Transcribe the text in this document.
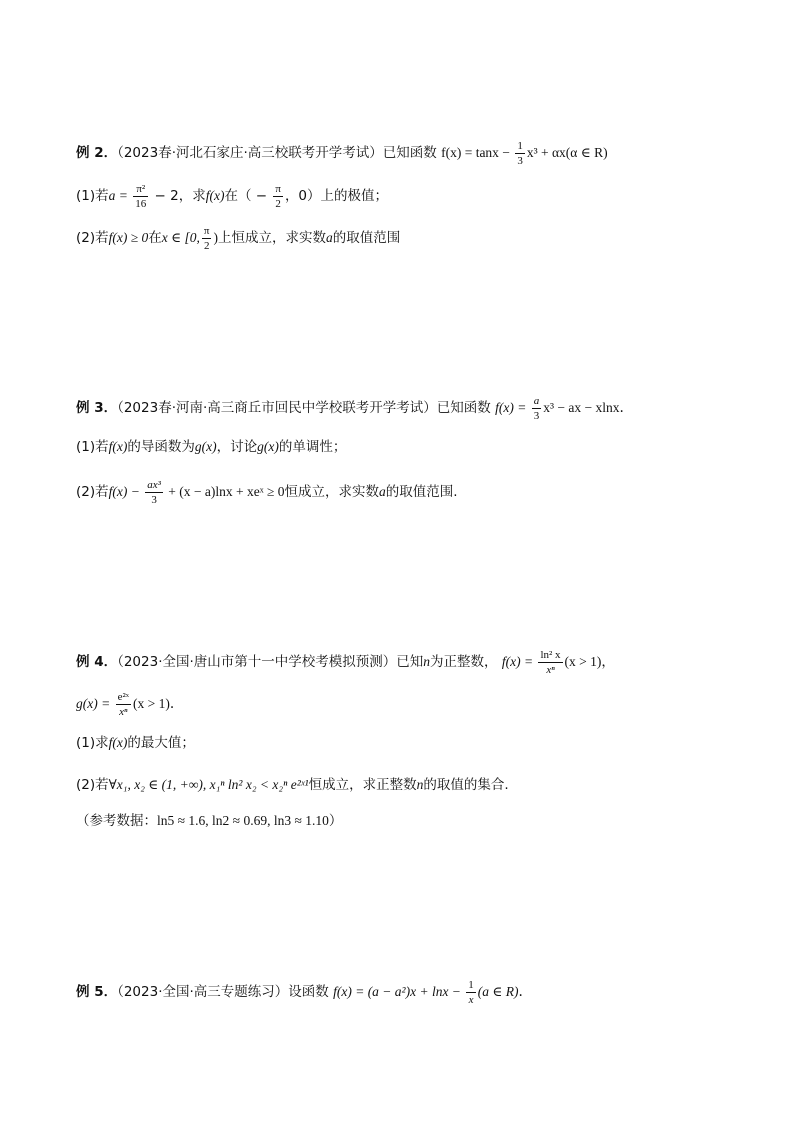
例 2．（2023春·河北石家庄·高三校联考开学考试）已知函数 $f(x) = \tan x - \frac{1}{3} x^3 + \alpha x(\alpha$ ∈ R)
(1)若$a = \frac{\text{π²}}{16} - 2$，求f(x)在（ − $\frac{\pi}{2}$ ，0）上的极值；
(2)若f(x) ≥ 0在x ∈ [0, $\frac{\pi}{2}$ )上恒成立，求实数a的取值范围
例 3．（2023春·河南·高三商丘市回民中学校联考开学考试）已知函数 $f(x) = \frac{a}{3} x^3$ − ax − xlnx.
(1)若f(x)的导函数为g(x)，讨论g(x)的单调性；
(2)若$f(x) - \frac{\text{ax³}}{3} + (x - a)\ln x$ + xeˣ ≥ 0恒成立，求实数a的取值范围.
例 4．（2023·全国·唐山市第十一中学校考模拟预测）已知n为正整数， $f(x) = \frac{\text{ln² x}}{\text{xⁿ}} (x > 1)$，
$g(x) = \frac{\text{e²ˣ}}{\text{xⁿ}} (x > 1)$.
(1)求f(x)的最大值；
(2)若∀x₁, x₂ ∈ (1, +∞), x₁ⁿ ln² x₂ < x₂ⁿ e²ˣ¹恒成立，求正整数n的取值的集合.
（参考数据：ln5 ≈ 1.6, ln2 ≈ 0.69, ln3 ≈ 1.10）
例 5．（2023·全国·高三专题练习）设函数 $f(x) = (a - a^2)x + \ln x - \frac{1}{x} (a$ ∈ R).
